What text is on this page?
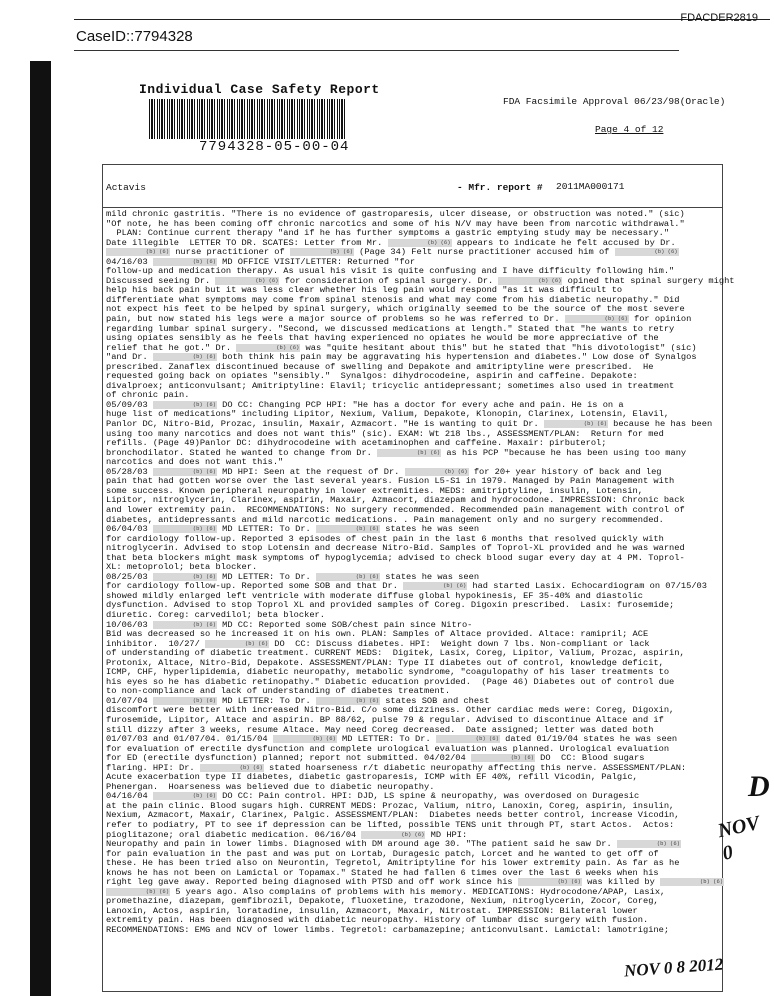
FDACDER2819
CaseID::7794328
Individual Case Safety Report
7794328-05-00-04
FDA Facsimile Approval 06/23/98(Oracle)
Page 4 of 12
Actavis	- Mfr. report # 2011MA000171
mild chronic gastritis. "There is no evidence of gastroparesis, ulcer disease, or obstruction was noted." (sic)
"Of note, he has been coming off chronic narcotics and some of his N/V may have been from narcotic withdrawal."
PLAN: Continue current therapy "and if he has further symptoms a gastric emptying study may be necessary."
Date illegible  LETTER TO DR. SCATES: Letter from Mr.	(b) (6) appears to indicate he felt accused by Dr.
(b) (6) nurse practitioner of	(b) (6) (Page 34) Felt nurse practitioner accused him of	(b) (6)
04/16/03	(b) (6) MD OFFICE VISIT/LETTER: Returned "for
follow-up and medication therapy. As usual his visit is quite confusing and I have difficulty following him."
Discussed seeing Dr.	(b) (6) for consideration of spinal surgery. Dr.	(b) (6) opined that spinal surgery might
help his back pain but it was less clear whether his leg pain would respond "as it was difficult to
differentiate what symptoms may come from spinal stenosis and what may come from his diabetic neuropathy." Did
not expect his feet to be helped by spinal surgery, which originally seemed to be the source of the most severe
pain, but now stated his legs were a major source of problems so he was referred to Dr.	(b) (6) for opinion
regarding lumbar spinal surgery. "Second, we discussed medications at length." Stated that "he wants to retry
using opiates sensibly as he feels that having experienced no opiates he would be more appreciative of the
relief that he got." Dr.	(b) (6) was "quite hesitant about this" but he stated that "his divotologist" (sic)
"and Dr.	(b) (6) both think his pain may be aggravating his hypertension and diabetes." Low dose of Synalgos
prescribed. Zanaflex discontinued because of swelling and Depakote and amitriptyline were prescribed.  He
requested going back on opiates "sensibly."  Synalgos: dihydrocodeine, aspirin and caffeine. Depakote:
divalproex; anticonvulsant; Amitriptyline: Elavil; tricyclic antidepressant; sometimes also used in treatment
of chronic pain.
05/09/03	(b) (6) DO CC: Changing PCP HPI: "He has a doctor for every ache and pain. He is on a
huge list of medications" including Lipitor, Nexium, Valium, Depakote, Klonopin, Clarinex, Lotensin, Elavil,
Panlor DC, Nitro-Bid, Prozac, insulin, Maxair, Azmacort. "He is wanting to quit Dr.	(b) (6) because he has been
using too many narcotics and does not want this" (sic). EXAM: Wt 218 lbs., ASSESSMENT/PLAN:  Return for med
refills. (Page 49)Panlor DC: dihydrocodeine with acetaminophen and caffeine. Maxair: pirbuterol;
bronchodilator. Stated he wanted to change from Dr.	(b) (6) as his PCP "because he has been using too many
narcotics and does not want this."
05/28/03	(b) (6) MD HPI: Seen at the request of Dr.	(b) (6) for 20+ year history of back and leg
pain that had gotten worse over the last several years. Fusion L5-S1 in 1979. Managed by Pain Management with
some success. Known peripheral neuropathy in lower extremities. MEDS: amitriptyline, insulin, Lotensin,
Lipitor, nitroglycerin, Clarinex, aspirin, Maxair, Azmacort, diazepam and hydrocodone. IMPRESSION: Chronic back
and lower extremity pain.  RECOMMENDATIONS: No surgery recommended. Recommended pain management with control of
diabetes, antidepressants and mild narcotic medications. . Pain management only and no surgery recommended.
06/04/03	(b) (6) MD LETTER: To Dr.	(b) (6) states he was seen
for cardiology follow-up. Reported 3 episodes of chest pain in the last 6 months that resolved quickly with
nitroglycerin. Advised to stop Lotensin and decrease Nitro-Bid. Samples of Toprol-XL provided and he was warned
that beta blockers might mask symptoms of hypoglycemia; advised to check blood sugar every day at 4 PM. Toprol-
XL: metoprolol; beta blocker.
08/25/03	(b) (6) MD LETTER: To Dr.	(b) (6) states he was seen
for cardiology follow-up. Reported some SOB and that Dr.	(b) (6) had started Lasix. Echocardiogram on 07/15/03
showed mildly enlarged left ventricle with moderate diffuse global hypokinesis, EF 35-40% and diastolic
dysfunction. Advised to stop Toprol XL and provided samples of Coreg. Digoxin prescribed.  Lasix: furosemide;
diuretic. Coreg: carvedilol; beta blocker.
10/06/03	(b) (6) MD CC: Reported some SOB/chest pain since Nitro-
Bid was decreased so he increased it on his own. PLAN: Samples of Altace provided. Altace: ramipril; ACE
inhibitor.  10/27/	(b) (6) DO  CC: Discuss diabetes. HPI:  Weight down 7 lbs. Non-compliant or lack
of understanding of diabetic treatment. CURRENT MEDS:  Digitek, Lasix, Coreg, Lipitor, Valium, Prozac, aspirin,
Protonix, Altace, Nitro-Bid, Depakote. ASSESSMENT/PLAN: Type II diabetes out of control, knowledge deficit,
ICMP, CHF, hyperlipidemia, diabetic neuropathy, metabolic syndrome, "coagulopathy of his laser treatments to
his eyes so he has diabetic retinopathy." Diabetic education provided.  (Page 46) Diabetes out of control due
to non-compliance and lack of understanding of diabetes treatment.
01/07/04	(b) (6) MD LETTER: To Dr.	(b) (6) states SOB and chest
discomfort were better with increased Nitro-Bid. C/o some dizziness. Other cardiac meds were: Coreg, Digoxin,
furosemide, Lipitor, Altace and aspirin. BP 88/62, pulse 79 & regular. Advised to discontinue Altace and if
still dizzy after 3 weeks, resume Altace. May need Coreg decreased.  Date assigned; letter was dated both
01/07/03 and 01/07/04. 01/15/04	(b) (6) MD LETTER: To Dr.	(b) (6) dated 01/19/04 states he was seen
for evaluation of erectile dysfunction and complete urological evaluation was planned. Urological evaluation
for ED (erectile dysfunction) planned; report not submitted. 04/02/04	(b) (6) DO  CC: Blood sugars
flaring. HPI: Dr.	(b) (6) stated hoarseness r/t diabetic neuropathy affecting this nerve. ASSESSMENT/PLAN:
Acute exacerbation type II diabetes, diabetic gastroparesis, ICMP with EF 40%, refill Vicodin, Palgic,
Phenergan.  Hoarseness was believed due to diabetic neuropathy.
04/16/04	(b) (6) DO CC: Pain control. HPI: DJD, LS spine & neuropathy, was overdosed on Duragesic
at the pain clinic. Blood sugars high. CURRENT MEDS: Prozac, Valium, nitro, Lanoxin, Coreg, aspirin, insulin,
Nexium, Azmacort, Maxair, Clarinex, Palgic. ASSESSMENT/PLAN:  Diabetes needs better control, increase Vicodin,
refer to podiatry, PT to see if depression can be lifted, possible TENS unit through PT, start Actos.  Actos:
pioglitazone; oral diabetic medication. 06/16/04	(b) (6) MD HPI:
Neuropathy and pain in lower limbs. Diagnosed with DM around age 30. "The patient said he saw Dr.	(b) (6)
for pain evaluation in the past and was put on Lortab, Duragesic patch, Lorcet and he wanted to get off of
these. He has been tried also on Neurontin, Tegretol, Amitriptyline for his lower extremity pain. As far as he
knows he has not been on Lamictal or Topamax." Stated he had fallen 6 times over the last 6 weeks when his
right leg gave away. Reported being diagnosed with PTSD and off work since his	(b) (6) was killed by	(b) (6)
(b) (6) 5 years ago. Also complains of problems with his memory. MEDICATIONS: Hydrocodone/APAP, Lasix,
promethazine, diazepam, gemfibrozil, Depakote, fluoxetine, trazodone, Nexium, nitroglycerin, Zocor, Coreg,
Lanoxin, Actos, aspirin, loratadine, insulin, Azmacort, Maxair, Nitrostat. IMPRESSION: Bilateral lower
extremity pain. Has been diagnosed with diabetic neuropathy. History of lumbar disc surgery with fusion.
RECOMMENDATIONS: EMG and NCV of lower limbs. Tegretol: carbamazepine; anticonvulsant. Lamictal: lamotrigine;
D
NOV 0
NOV 0 8 2012
